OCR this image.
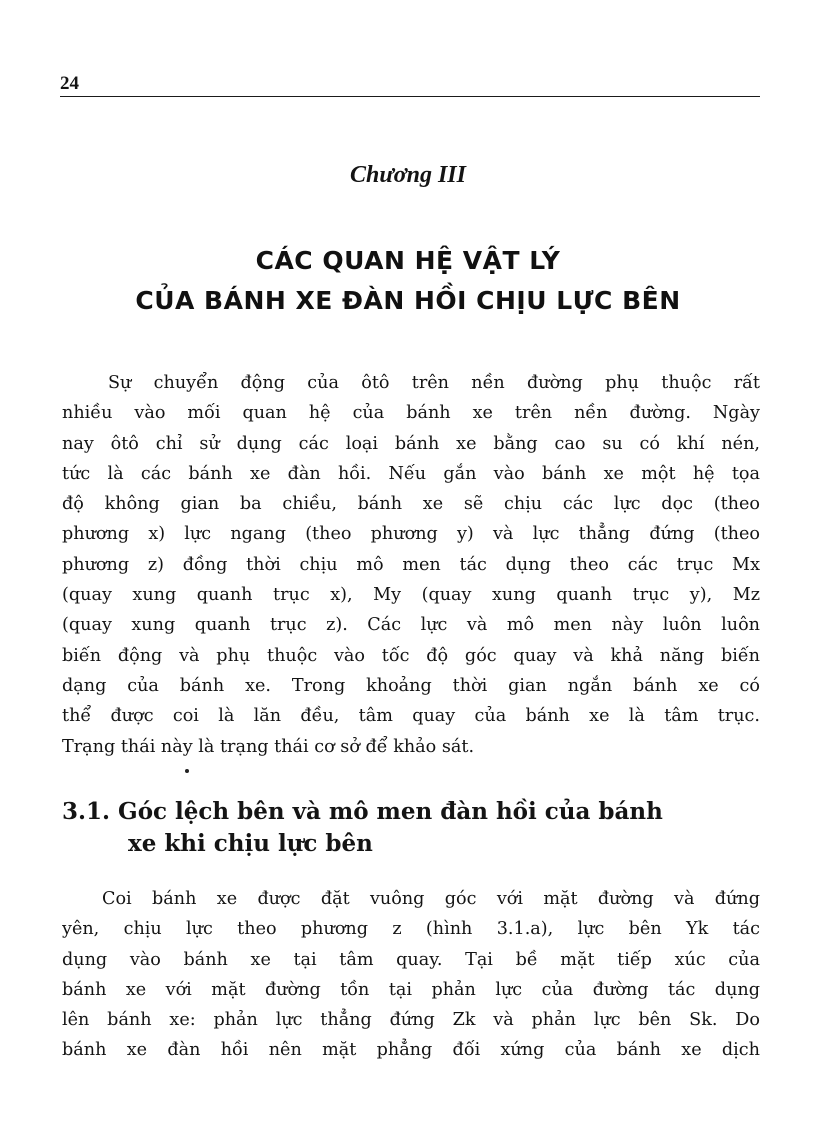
24
Chương III
CÁC QUAN HỆ VẬT LÝ
CỦA BÁNH XE ĐÀN HỒI CHỊU LỰC BÊN
Sự chuyển động của ôtô trên nền đường phụ thuộc rất
nhiều vào mối quan hệ của bánh xe trên nền đường. Ngày
nay ôtô chỉ sử dụng các loại bánh xe bằng cao su có khí nén,
tức là các bánh xe đàn hồi. Nếu gắn vào bánh xe một hệ tọa
độ không gian ba chiều, bánh xe sẽ chịu các lực dọc (theo
phương x) lực ngang (theo phương y) và lực thẳng đứng (theo
phương z) đồng thời chịu mô men tác dụng theo các trục Mx
(quay xung quanh trục x), My (quay xung quanh trục y), Mz
(quay xung quanh trục z). Các lực và mô men này luôn luôn
biến động và phụ thuộc vào tốc độ góc quay và khả năng biến
dạng của bánh xe. Trong khoảng thời gian ngắn bánh xe có
thể được coi là lăn đều, tâm quay của bánh xe là tâm trục.
Trạng thái này là trạng thái cơ sở để khảo sát.
3.1. Góc lệch bên và mô men đàn hồi của bánh
xe khi chịu lực bên
Coi bánh xe được đặt vuông góc với mặt đường và đứng
yên, chịu lực theo phương z (hình 3.1.a), lực bên Yk tác
dụng vào bánh xe tại tâm quay. Tại bề mặt tiếp xúc của
bánh xe với mặt đường tồn tại phản lực của đường tác dụng
lên bánh xe: phản lực thẳng đứng Zk và phản lực bên Sk. Do
bánh xe đàn hồi nên mặt phẳng đối xứng của bánh xe dịch
